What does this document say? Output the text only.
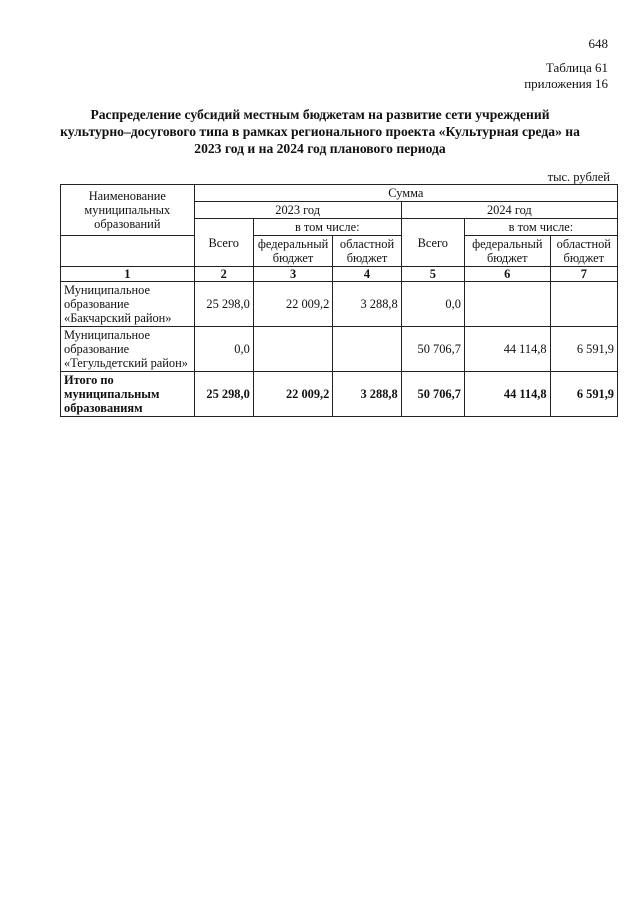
648
Таблица 61
приложения 16
Распределение субсидий местным бюджетам на развитие сети учреждений
культурно–досугового типа в рамках регионального проекта «Культурная среда» на
2023 год и на 2024 год планового периода
тыс. рублей
Наименование муниципальных образований	Сумма					
	2023 год			2024 год		
	Всего	в том числе:		Всего	в том числе:	
		федеральный бюджет	областной бюджет		федеральный бюджет	областной бюджет
1	2	3	4	5	6	7
Муниципальное образование «Бакчарский район»	25 298,0	22 009,2	3 288,8	0,0		
Муниципальное образование «Тегульдетский район»	0,0			50 706,7	44 114,8	6 591,9
Итого по муниципальным образованиям	25 298,0	22 009,2	3 288,8	50 706,7	44 114,8	6 591,9
